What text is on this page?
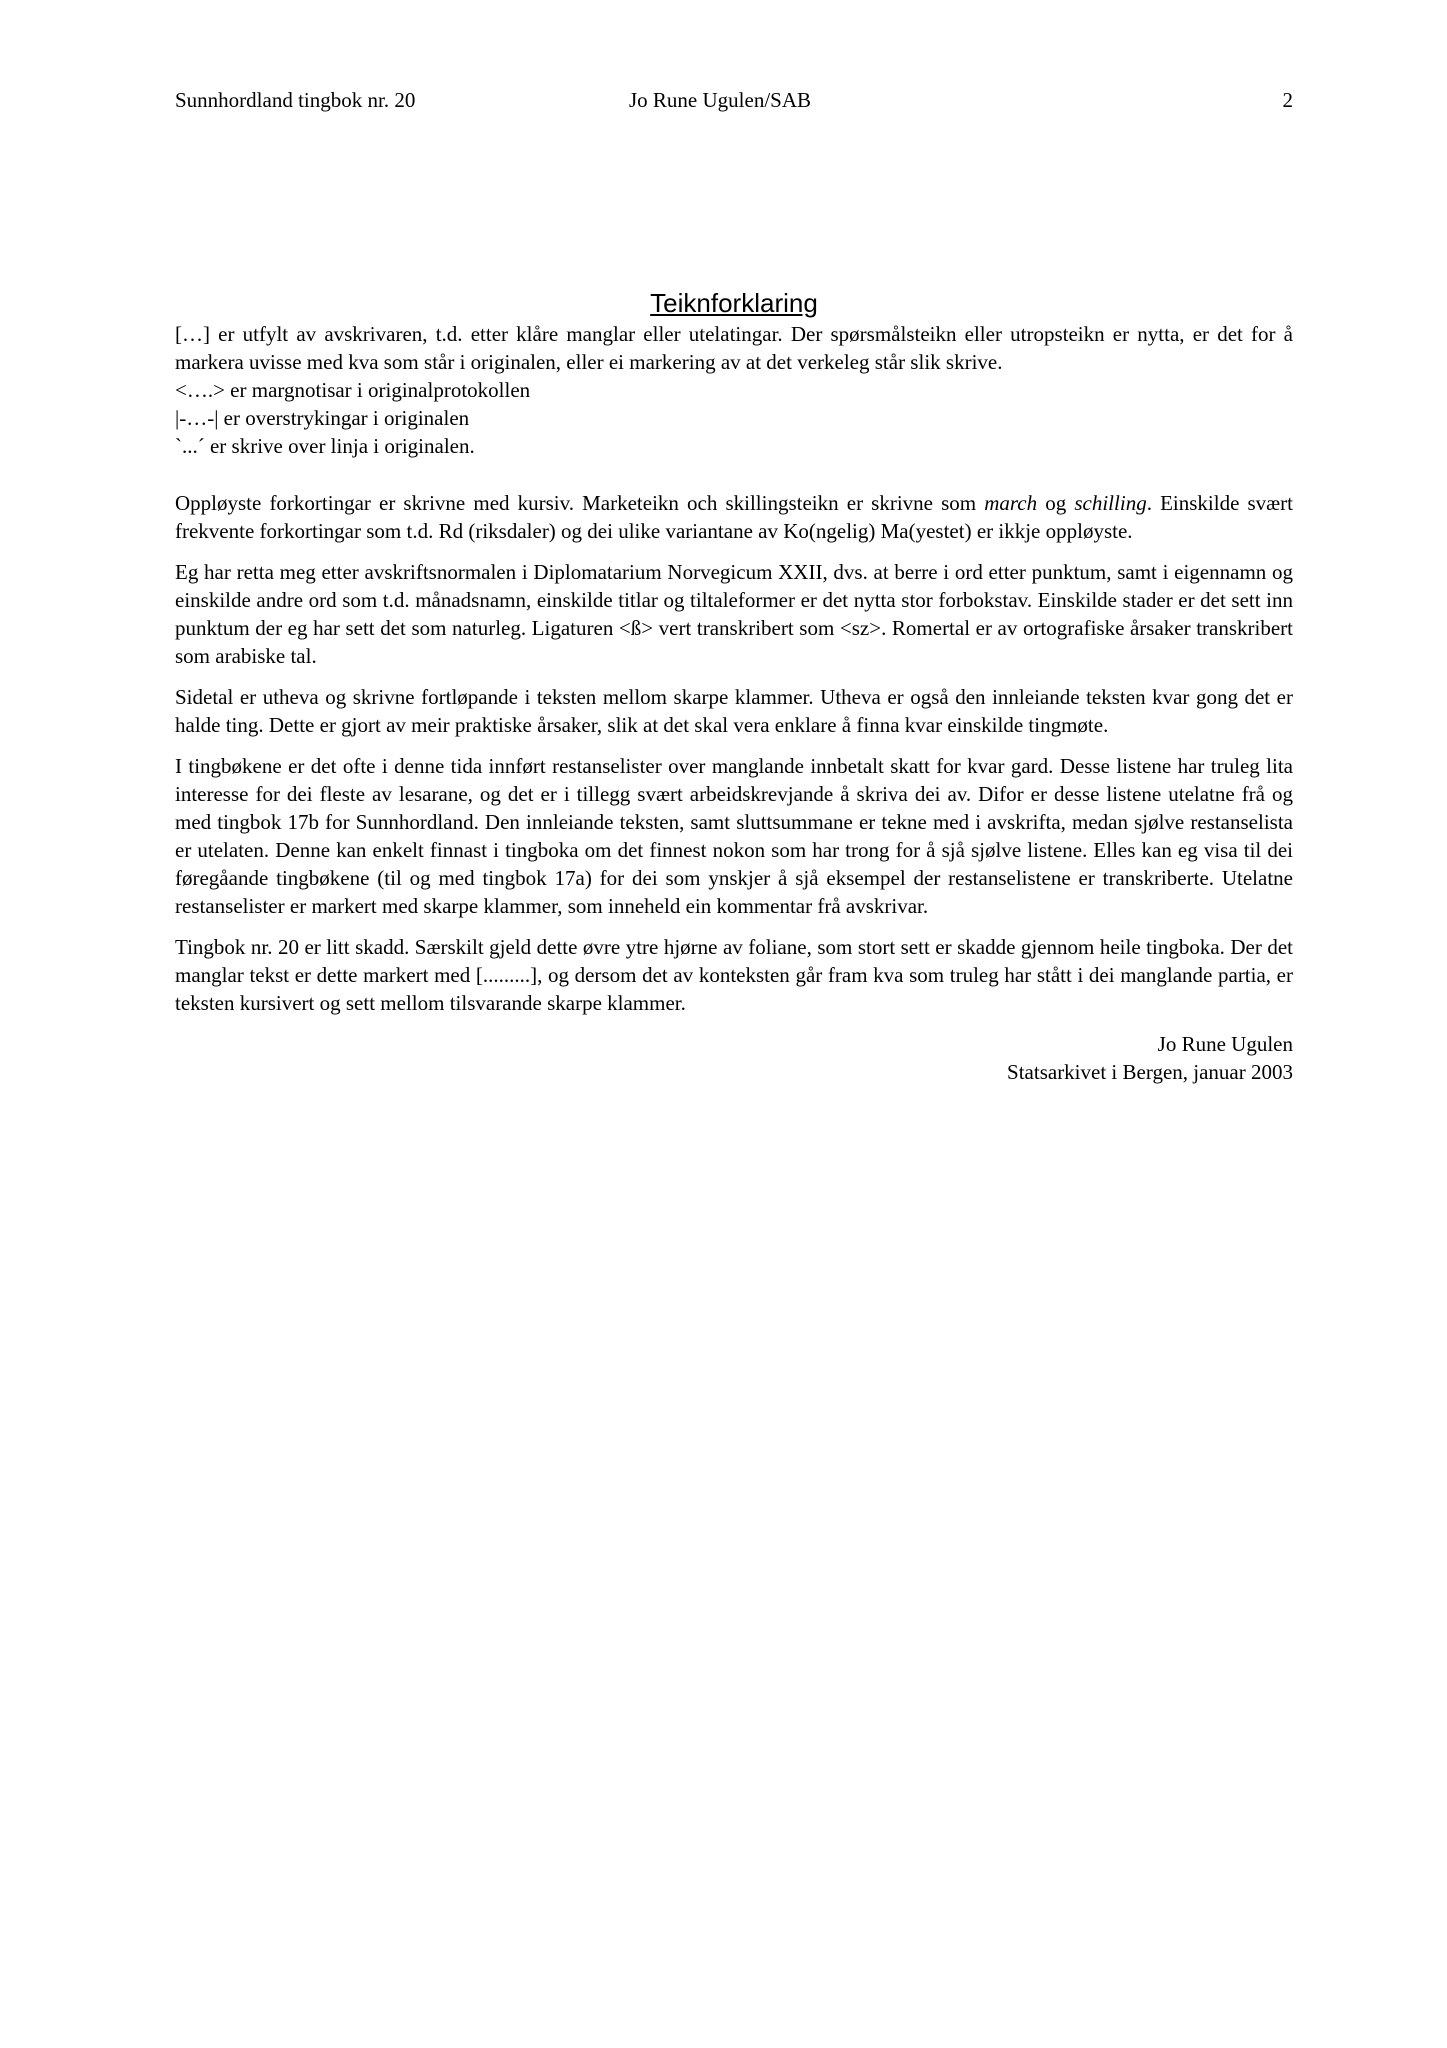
Sunnhordland tingbok nr. 20	Jo Rune Ugulen/SAB	2
Teiknforklaring
[…] er utfylt av avskrivaren, t.d. etter klåre manglar eller utelatingar. Der spørsmålsteikn eller utropsteikn er nytta, er det for å markera uvisse med kva som står i originalen, eller ei markering av at det verkeleg står slik skrive.
<….> er margnotisar i originalprotokollen
|-…-| er overstrykingar i originalen
`...´ er skrive over linja i originalen.

Oppløyste forkortingar er skrivne med kursiv. Marketeikn och skillingsteikn er skrivne som march og schilling. Einskilde svært frekvente forkortingar som t.d. Rd (riksdaler) og dei ulike variantane av Ko(ngelig) Ma(yestet) er ikkje oppløyste.

Eg har retta meg etter avskriftsnormalen i Diplomatarium Norvegicum XXII, dvs. at berre i ord etter punktum, samt i eigennamn og einskilde andre ord som t.d. månadsnamn, einskilde titlar og tiltaleformer er det nytta stor forbokstav. Einskilde stader er det sett inn punktum der eg har sett det som naturleg. Ligaturen <ß> vert transkribert som <sz>. Romertal er av ortografiske årsaker transkribert som arabiske tal.

Sidetal er utheva og skrivne fortløpande i teksten mellom skarpe klammer. Utheva er også den innleiande teksten kvar gong det er halde ting. Dette er gjort av meir praktiske årsaker, slik at det skal vera enklare å finna kvar einskilde tingmøte.

I tingbøkene er det ofte i denne tida innført restanselister over manglande innbetalt skatt for kvar gard. Desse listene har truleg lita interesse for dei fleste av lesarane, og det er i tillegg svært arbeidskrevjande å skriva dei av. Difor er desse listene utelatne frå og med tingbok 17b for Sunnhordland. Den innleiande teksten, samt sluttsummane er tekne med i avskrifta, medan sjølve restanselista er utelaten. Denne kan enkelt finnast i tingboka om det finnest nokon som har trong for å sjå sjølve listene. Elles kan eg visa til dei føregåande tingbøkene (til og med tingbok 17a) for dei som ynskjer å sjå eksempel der restanselistene er transkriberte. Utelatne restanselister er markert med skarpe klammer, som inneheld ein kommentar frå avskrivar.

Tingbok nr. 20 er litt skadd. Særskilt gjeld dette øvre ytre hjørne av foliane, som stort sett er skadde gjennom heile tingboka. Der det manglar tekst er dette markert med [.........], og dersom det av konteksten går fram kva som truleg har stått i dei manglande partia, er teksten kursivert og sett mellom tilsvarande skarpe klammer.

Jo Rune Ugulen
Statsarkivet i Bergen, januar 2003
